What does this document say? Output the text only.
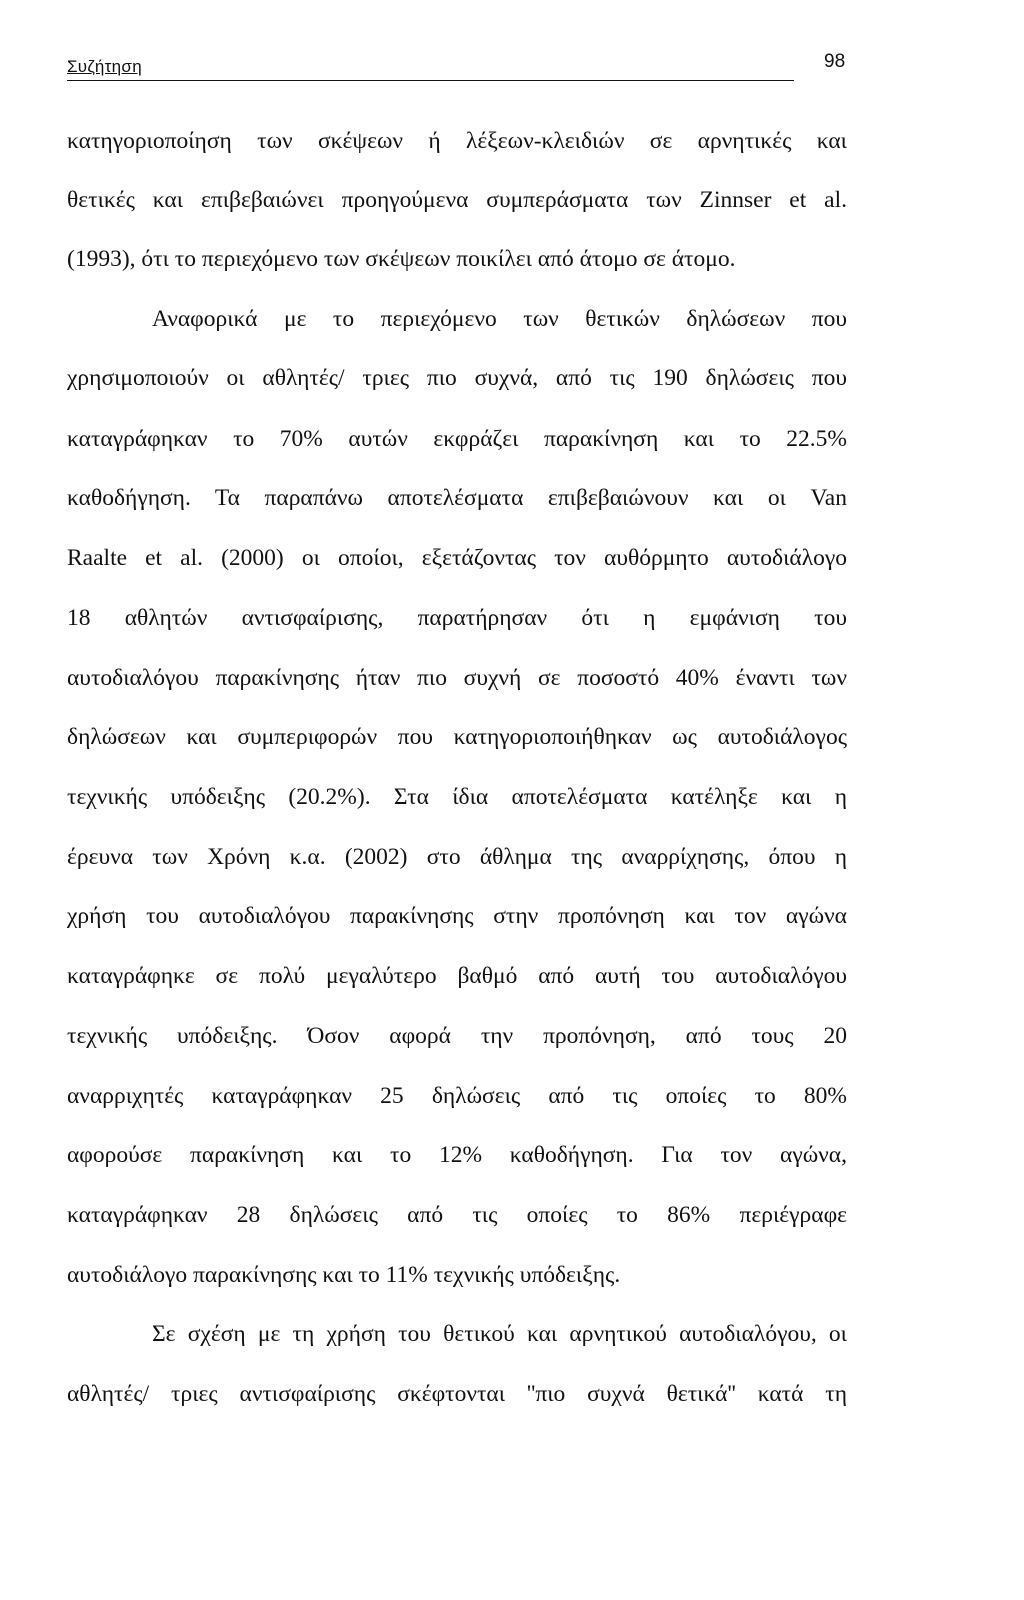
Συζήτηση	98
κατηγοριοποίηση των σκέψεων ή λέξεων-κλειδιών σε αρνητικές και
θετικές και επιβεβαιώνει προηγούμενα συμπεράσματα των Zinnser et al.
(1993), ότι το περιεχόμενο των σκέψεων ποικίλει από άτομο σε άτομο.
Αναφορικά με το περιεχόμενο των θετικών δηλώσεων που
χρησιμοποιούν οι αθλητές/ τριες πιο συχνά, από τις 190 δηλώσεις που
καταγράφηκαν το 70% αυτών εκφράζει παρακίνηση και το 22.5%
καθοδήγηση. Τα παραπάνω αποτελέσματα επιβεβαιώνουν και οι Van
Raalte et al. (2000) οι οποίοι, εξετάζοντας τον αυθόρμητο αυτοδιάλογο
18 αθλητών αντισφαίρισης, παρατήρησαν ότι η εμφάνιση του
αυτοδιαλόγου παρακίνησης ήταν πιο συχνή σε ποσοστό 40% έναντι των
δηλώσεων και συμπεριφορών που κατηγοριοποιήθηκαν ως αυτοδιάλογος
τεχνικής υπόδειξης (20.2%). Στα ίδια αποτελέσματα κατέληξε και η
έρευνα των Χρόνη κ.α. (2002) στο άθλημα της αναρρίχησης, όπου η
χρήση του αυτοδιαλόγου παρακίνησης στην προπόνηση και τον αγώνα
καταγράφηκε σε πολύ μεγαλύτερο βαθμό από αυτή του αυτοδιαλόγου
τεχνικής υπόδειξης. Όσον αφορά την προπόνηση, από τους 20
αναρριχητές καταγράφηκαν 25 δηλώσεις από τις οποίες το 80%
αφορούσε παρακίνηση και το 12% καθοδήγηση. Για τον αγώνα,
καταγράφηκαν 28 δηλώσεις από τις οποίες το 86% περιέγραφε
αυτοδιάλογο παρακίνησης και το 11% τεχνικής υπόδειξης.
Σε σχέση με τη χρήση του θετικού και αρνητικού αυτοδιαλόγου, οι
αθλητές/ τριες αντισφαίρισης σκέφτονται ''πιο συχνά θετικά'' κατά τη
